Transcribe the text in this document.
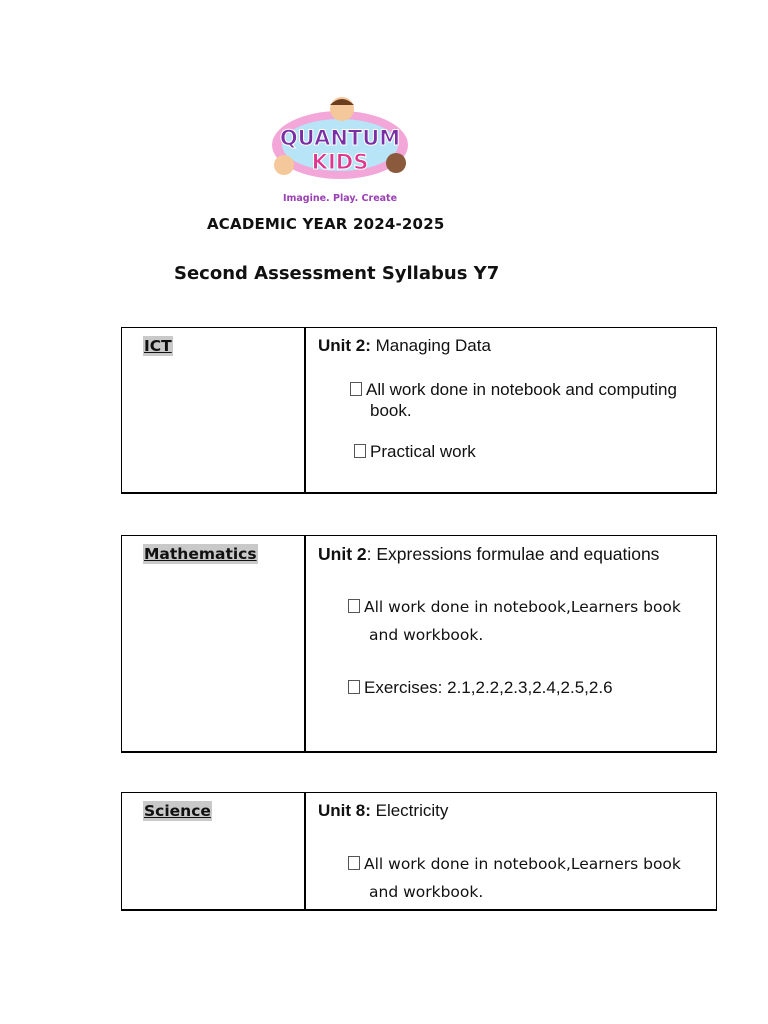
QUANTUM
KIDS
Imagine. Play. Create
ACADEMIC YEAR 2024-2025
Second Assessment Syllabus Y7
ICT	Unit 2: Managing Data
All work done in notebook and computing
book.
Practical work
Mathematics	Unit 2: Expressions formulae and equations
All work done in notebook,Learners book
and workbook.
Exercises: 2.1,2.2,2.3,2.4,2.5,2.6
Science	Unit 8: Electricity
All work done in notebook,Learners book
and workbook.
